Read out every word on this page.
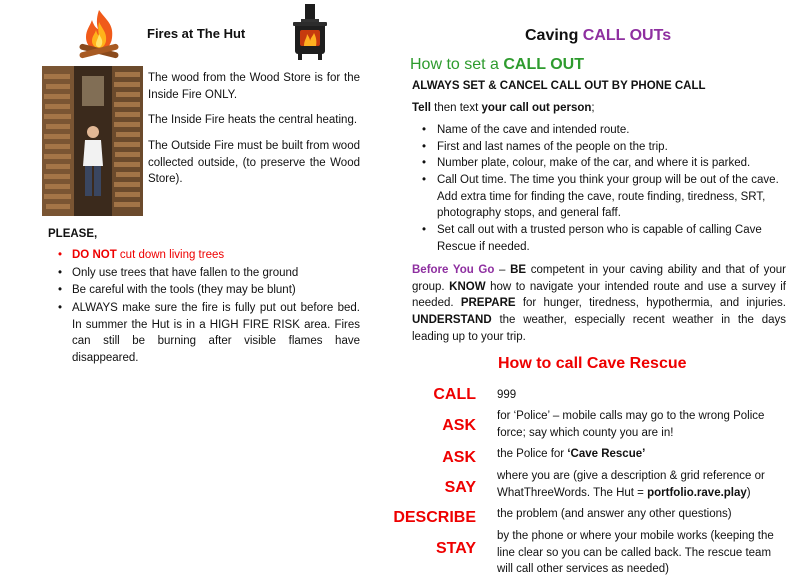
Fires at The Hut

The wood from the Wood Store is for the Inside Fire ONLY.

The Inside Fire heats the central heating.

The Outside Fire must be built from wood collected outside, (to preserve the Wood Store).

PLEASE,
• DO NOT cut down living trees
• Only use trees that have fallen to the ground
• Be careful with the tools (they may be blunt)
• ALWAYS make sure the fire is fully put out before bed. In summer the Hut is in a HIGH FIRE RISK area. Fires can still be burning after visible flames have disappeared.
Caving CALL OUTs
How to set a CALL OUT
ALWAYS SET & CANCEL CALL OUT BY PHONE CALL
Tell then text your call out person;
• Name of the cave and intended route.
• First and last names of the people on the trip.
• Number plate, colour, make of the car, and where it is parked.
• Call Out time. The time you think your group will be out of the cave. Add extra time for finding the cave, route finding, tiredness, SRT, photography stops, and general faff.
• Set call out with a trusted person who is capable of calling Cave Rescue if needed.
Before You Go – BE competent in your caving ability and that of your group. KNOW how to navigate your intended route and use a survey if needed. PREPARE for hunger, tiredness, hypothermia, and injuries. UNDERSTAND the weather, especially recent weather in the days leading up to your trip.
How to call Cave Rescue
CALL 999
ASK
for ‘Police’ – mobile calls may go to the wrong Police force; say which county you are in!
ASK the Police for ‘Cave Rescue’
SAY
where you are (give a description & grid reference or WhatThreeWords. The Hut = portfolio.rave.play)
DESCRIBE the problem (and answer any other questions)
STAY
by the phone or where your mobile works (keeping the line clear so you can be called back. The rescue team will call other services as needed)
